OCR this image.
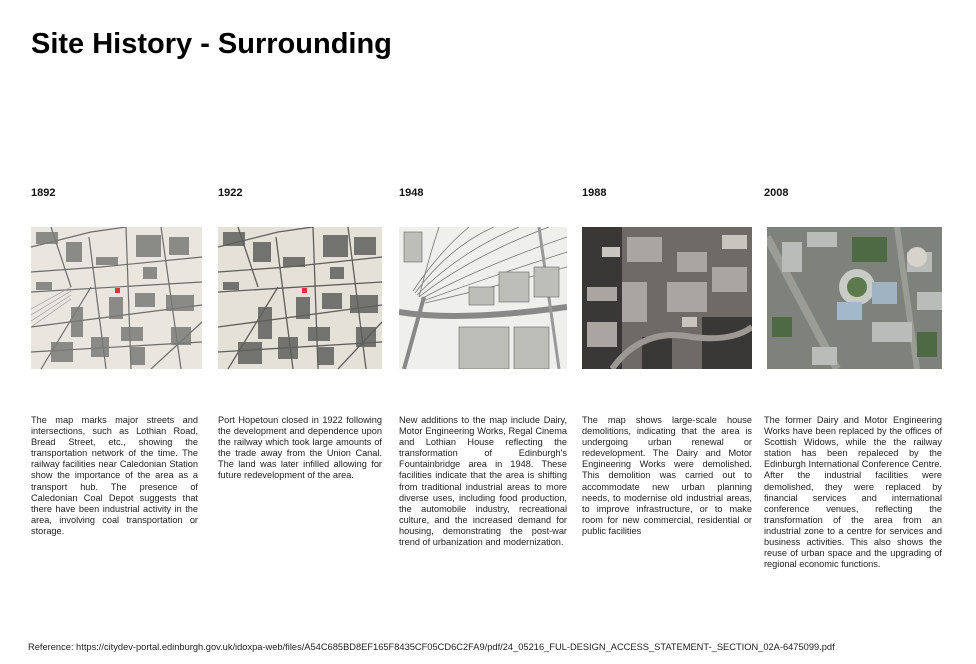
Site History - Surrounding
1892
The map marks major streets and intersections, such as Lothian Road, Bread Street, etc., showing the transportation network of the time. The railway facilities near Caledonian Station show the importance of the area as a transport hub. The presence of Caledonian Coal Depot suggests that there have been industrial activity in the area, involving coal transportation or storage.
1922
Port Hopetoun closed in 1922 following the development and dependence upon the railway which took large amounts of the trade away from the Union Canal. The land was later infilled allowing for future redevelopment of the area.
1948
New additions to the map include Dairy, Motor Engineering Works, Regal Cinema and Lothian House reflecting the transformation of Edinburgh's Fountainbridge area in 1948. These facilities indicate that the area is shifting from traditional industrial areas to more diverse uses, including food production, the automobile industry, recreational culture, and the increased demand for housing, demonstrating the post-war trend of urbanization and modernization.
1988
The map shows large-scale house demolitions, indicating that the area is undergoing urban renewal or redevelopment. The Dairy and Motor Engineering Works were demolished. This demolition was carried out to accommodate new urban planning needs, to modernise old industrial areas, to improve infrastructure, or to make room for new commercial, residential or public facilities
2008
The former Dairy and Motor Engineering Works have been replaced by the offices of Scottish Widows, while the the railway station has been repaleced by the Edinburgh International Conference Centre. After the industrial facilities were demolished, they were replaced by financial services and international conference venues, reflecting the transformation of the area from an industrial zone to a centre for services and business activities. This also shows the reuse of urban space and the upgrading of regional economic functions.
Reference: https://citydev-portal.edinburgh.gov.uk/idoxpa-web/files/A54C685BD8EF165F8435CF05CD6C2FA9/pdf/24_05216_FUL-DESIGN_ACCESS_STATEMENT-_SECTION_02A-6475099.pdf
